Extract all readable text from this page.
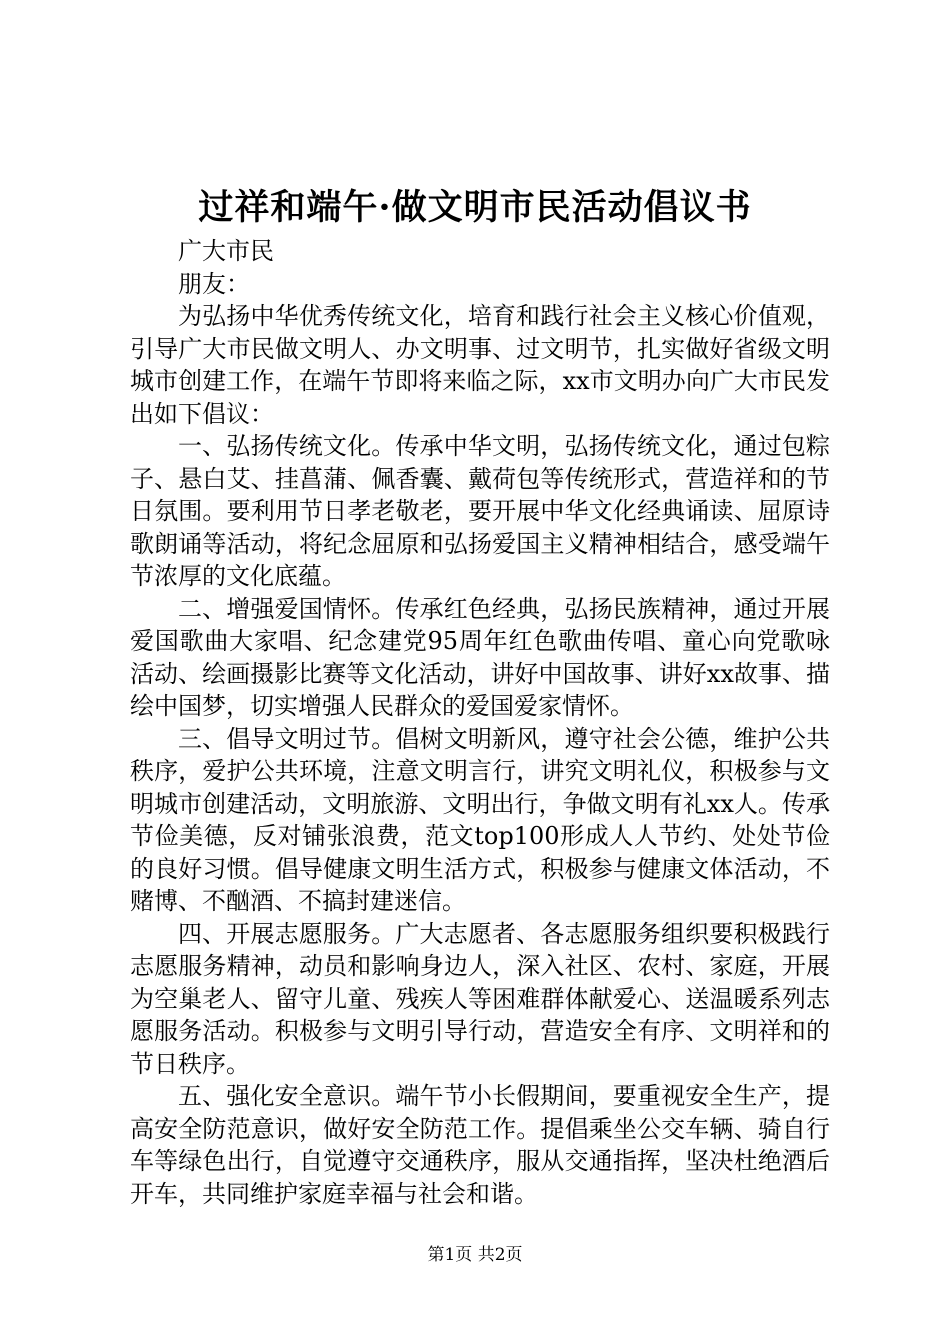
过祥和端午·做文明市民活动倡议书

广大市民

朋友：

为弘扬中华优秀传统文化，培育和践行社会主义核心价值观，引导广大市民做文明人、办文明事、过文明节，扎实做好省级文明城市创建工作，在端午节即将来临之际，xx市文明办向广大市民发出如下倡议：

一、弘扬传统文化。传承中华文明，弘扬传统文化，通过包粽子、悬白艾、挂菖蒲、佩香囊、戴荷包等传统形式，营造祥和的节日氛围。要利用节日孝老敬老，要开展中华文化经典诵读、屈原诗歌朗诵等活动，将纪念屈原和弘扬爱国主义精神相结合，感受端午节浓厚的文化底蕴。

二、增强爱国情怀。传承红色经典，弘扬民族精神，通过开展爱国歌曲大家唱、纪念建党95周年红色歌曲传唱、童心向党歌咏活动、绘画摄影比赛等文化活动，讲好中国故事、讲好xx故事、描绘中国梦，切实增强人民群众的爱国爱家情怀。

三、倡导文明过节。倡树文明新风，遵守社会公德，维护公共秩序，爱护公共环境，注意文明言行，讲究文明礼仪，积极参与文明城市创建活动，文明旅游、文明出行，争做文明有礼xx人。传承节俭美德，反对铺张浪费，范文top100形成人人节约、处处节俭的良好习惯。倡导健康文明生活方式，积极参与健康文体活动，不赌博、不酗酒、不搞封建迷信。

四、开展志愿服务。广大志愿者、各志愿服务组织要积极践行志愿服务精神，动员和影响身边人，深入社区、农村、家庭，开展为空巢老人、留守儿童、残疾人等困难群体献爱心、送温暖系列志愿服务活动。积极参与文明引导行动，营造安全有序、文明祥和的节日秩序。

五、强化安全意识。端午节小长假期间，要重视安全生产，提高安全防范意识，做好安全防范工作。提倡乘坐公交车辆、骑自行车等绿色出行，自觉遵守交通秩序，服从交通指挥，坚决杜绝酒后开车，共同维护家庭幸福与社会和谐。

第1页 共2页
